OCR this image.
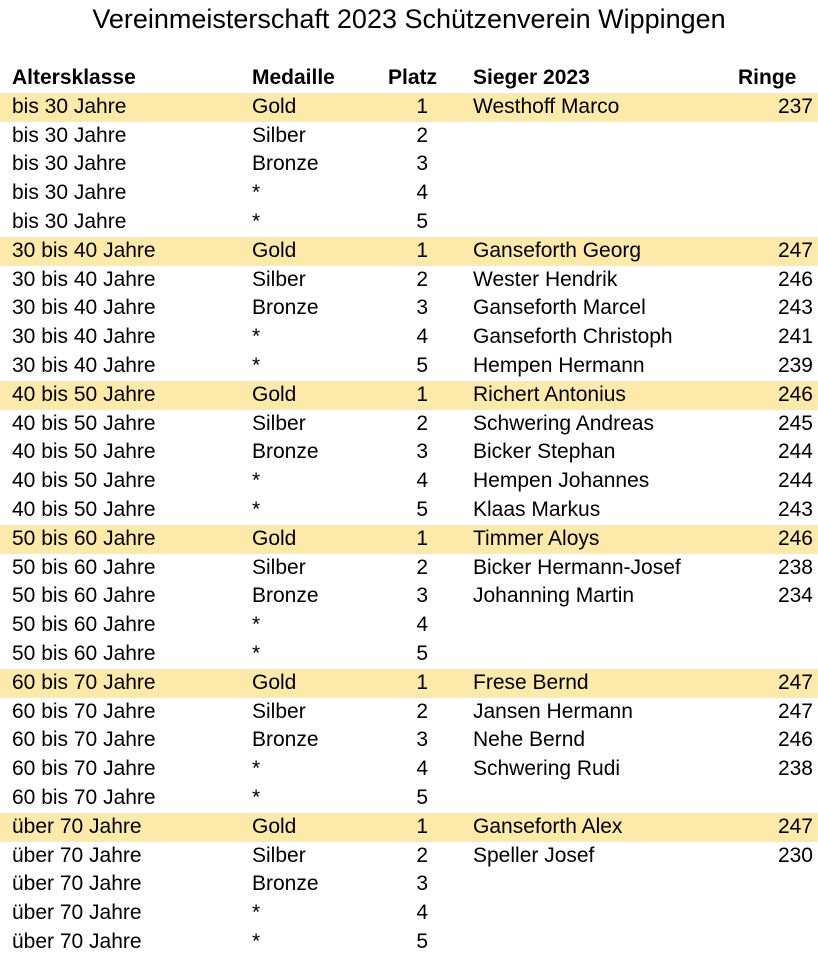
Vereinmeisterschaft 2023 Schützenverein Wippingen
Altersklasse	Medaille	Platz	Sieger 2023	Ringe
bis 30 Jahre	Gold	1 Westhoff Marco	237
bis 30 Jahre	Silber	2
bis 30 Jahre	Bronze	3
bis 30 Jahre	*	4
bis 30 Jahre	*	5
30 bis 40 Jahre	Gold	1 Ganseforth Georg	247
30 bis 40 Jahre	Silber	2 Wester Hendrik	246
30 bis 40 Jahre	Bronze	3 Ganseforth Marcel	243
30 bis 40 Jahre	*	4 Ganseforth Christoph	241
30 bis 40 Jahre	*	5 Hempen Hermann	239
40 bis 50 Jahre	Gold	1 Richert Antonius	246
40 bis 50 Jahre	Silber	2 Schwering Andreas	245
40 bis 50 Jahre	Bronze	3 Bicker Stephan	244
40 bis 50 Jahre	*	4 Hempen Johannes	244
40 bis 50 Jahre	*	5 Klaas Markus	243
50 bis 60 Jahre	Gold	1 Timmer Aloys	246
50 bis 60 Jahre	Silber	2 Bicker Hermann-Josef	238
50 bis 60 Jahre	Bronze	3 Johanning Martin	234
50 bis 60 Jahre	*	4
50 bis 60 Jahre	*	5
60 bis 70 Jahre	Gold	1 Frese Bernd	247
60 bis 70 Jahre	Silber	2 Jansen Hermann	247
60 bis 70 Jahre	Bronze	3 Nehe Bernd	246
60 bis 70 Jahre	*	4 Schwering Rudi	238
60 bis 70 Jahre	*	5
über 70 Jahre	Gold	1 Ganseforth Alex	247
über 70 Jahre	Silber	2 Speller Josef	230
über 70 Jahre	Bronze	3
über 70 Jahre	*	4
über 70 Jahre	*	5
